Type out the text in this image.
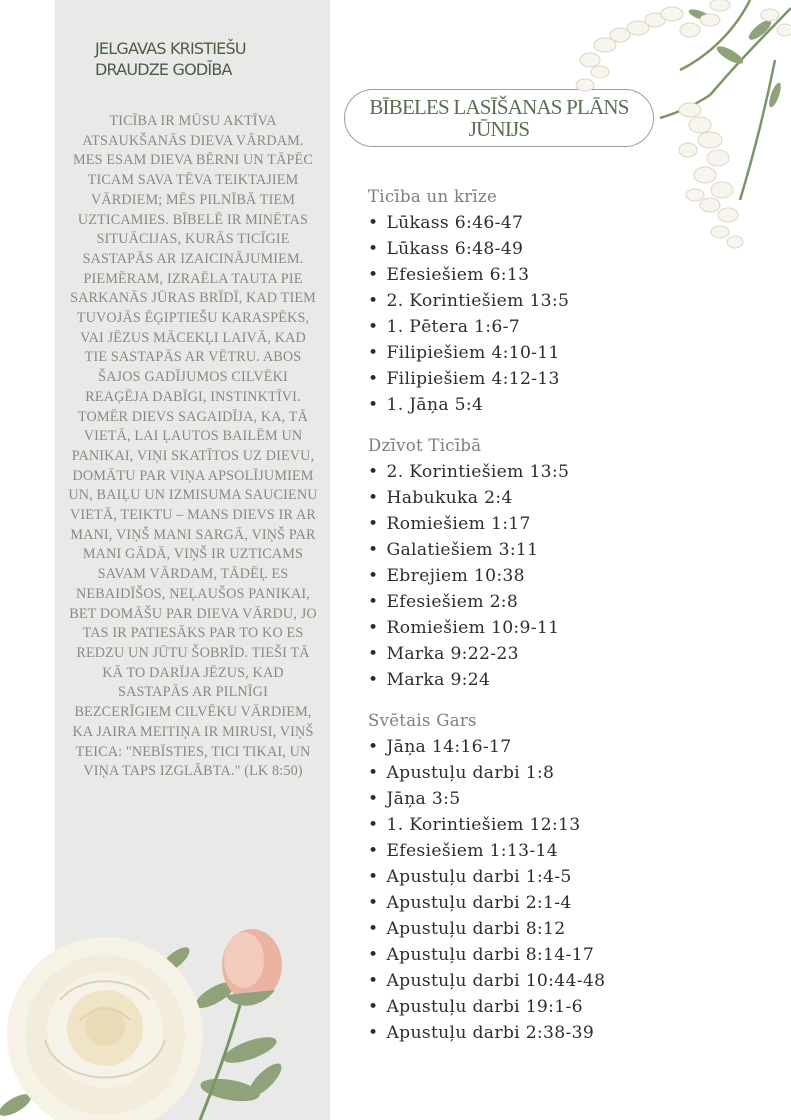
JELGAVAS KRISTIEŠU
DRAUDZE GODĪBA
TICĪBA IR MŪSU AKTĪVA ATSAUKŠANĀS DIEVA VĀRDAM. MES ESAM DIEVA BĒRNI UN TĀPĒC TICAM SAVA TĒVA TEIKTAJIEM VĀRDIEM; MĒS PILNĪBĀ TIEM UZTICAMIES. BĪBELĒ IR MINĒTAS SITUĀCIJAS, KURĀS TICĪGIE SASTAPĀS AR IZAICINĀJUMIEM. PIEMĒRAM, IZRAĒLA TAUTA PIE SARKANĀS JŪRAS BRĪDĪ, KAD TIEM TUVOJĀS ĒĢIPTIEŠU KARASPĒKS, VAI JĒZUS MĀCEKĻI LAIVĀ, KAD TIE SASTAPĀS AR VĒTRU. ABOS ŠAJOS GADĪJUMOS CILVĒKI REAĢĒJA DABĪGI, INSTINKTĪVI. TOMĒR DIEVS SAGAIDĪJA, KA, TĀ VIETĀ, LAI ĻAUTOS BAILĒM UN PANIKAI, VIŅI SKATĪTOS UZ DIEVU, DOMĀTU PAR VIŅA APSOLĪJUMIEM UN, BAIĻU UN IZMISUMA SAUCIENU VIETĀ, TEIKTU – MANS DIEVS IR AR MANI, VIŅŠ MANI SARGĀ, VIŅŠ PAR MANI GĀDĀ, VIŅŠ IR UZTICAMS SAVAM VĀRDAM, TĀDĒĻ ES NEBAIDĪŠOS, NEĻAUŠOS PANIKAI, BET DOMĀŠU PAR DIEVA VĀRDU, JO TAS IR PATIESĀKS PAR TO KO ES REDZU UN JŪTU ŠOBRĪD. TIEŠI TĀ KĀ TO DARĪJA JĒZUS, KAD SASTAPĀS AR PILNĪGI BEZCERĪGIEM CILVĒKU VĀRDIEM, KA JAIRA MEITIŅA IR MIRUSI, VIŅŠ TEICA: "NEBĪSTIES, TICI TIKAI, UN VIŅA TAPS IZGLĀBTA." (LK 8:50)
BĪBELES LASĪŠANAS PLĀNS
JŪNIJS
Ticība un krīze
• Lūkass 6:46-47
• Lūkass 6:48-49
• Efesiešiem 6:13
• 2. Korintiešiem 13:5
• 1. Pētera 1:6-7
• Filipiešiem 4:10-11
• Filipiešiem 4:12-13
• 1. Jāņa 5:4
Dzīvot Ticībā
• 2. Korintiešiem 13:5
• Habukuka 2:4
• Romiešiem 1:17
• Galatiešiem 3:11
• Ebrejiem 10:38
• Efesiešiem 2:8
• Romiešiem 10:9-11
• Marka 9:22-23
• Marka 9:24
Svētais Gars
• Jāņa 14:16-17
• Apustuļu darbi 1:8
• Jāņa 3:5
• 1. Korintiešiem 12:13
• Efesiešiem 1:13-14
• Apustuļu darbi 1:4-5
• Apustuļu darbi 2:1-4
• Apustuļu darbi 8:12
• Apustuļu darbi 8:14-17
• Apustuļu darbi 10:44-48
• Apustuļu darbi 19:1-6
• Apustuļu darbi 2:38-39
